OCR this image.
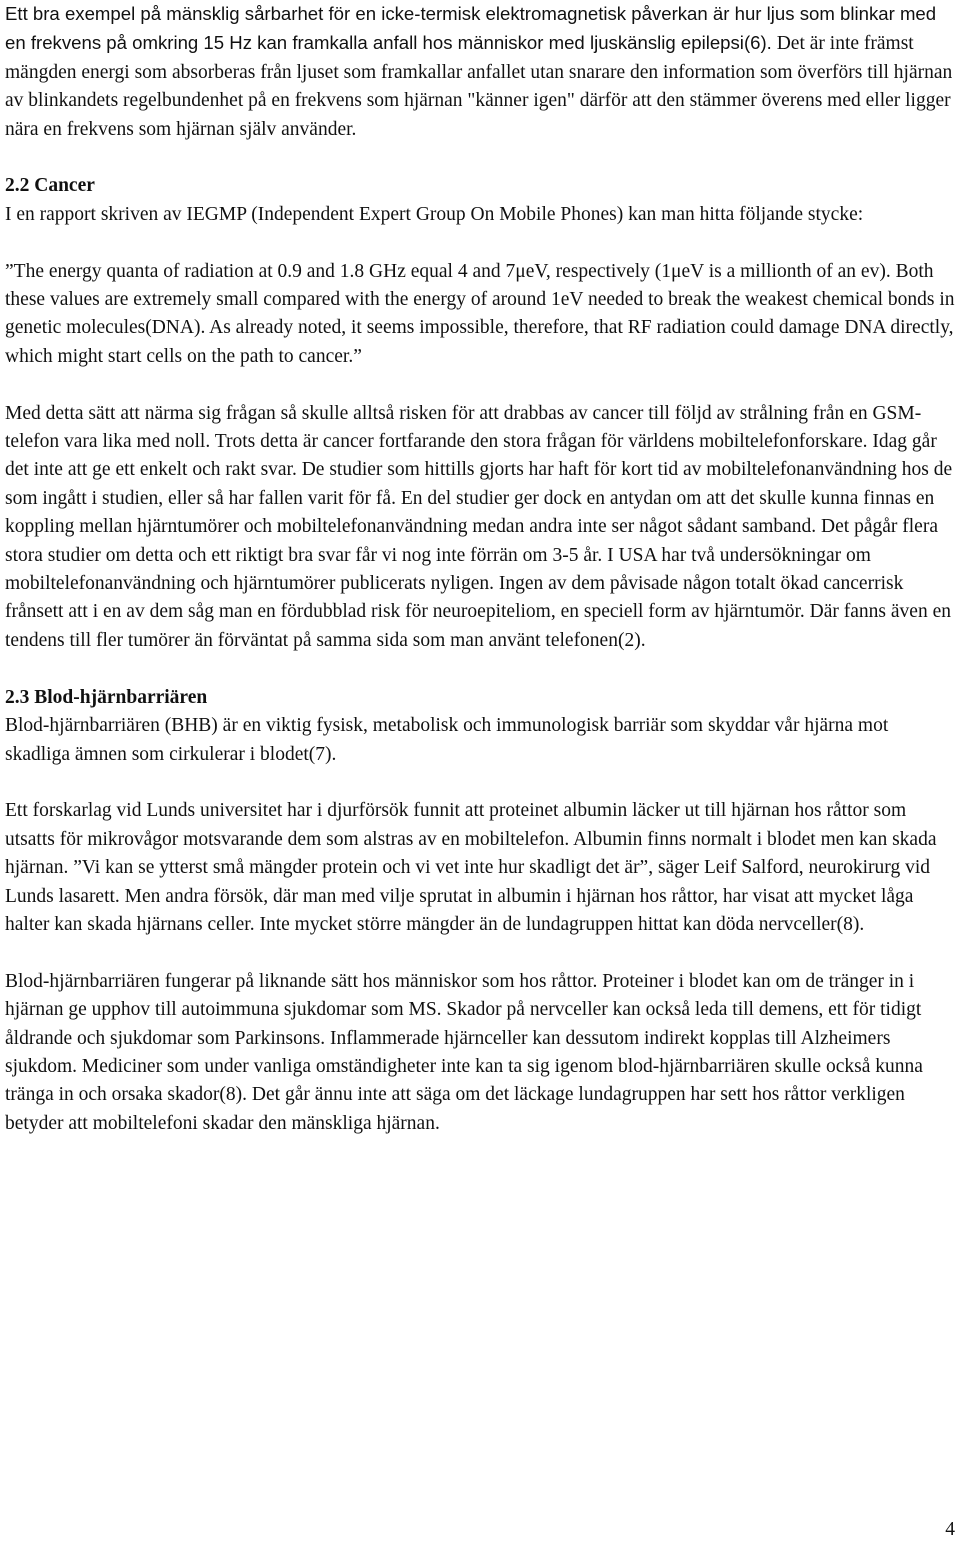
Ett bra exempel på mänsklig sårbarhet för en icke-termisk elektromagnetisk påverkan är hur ljus som blinkar med en frekvens på omkring 15 Hz kan framkalla anfall hos människor med ljuskänslig epilepsi(6). Det är inte främst mängden energi som absorberas från ljuset som framkallar anfallet utan snarare den information som överförs till hjärnan av blinkandets regelbundenhet på en frekvens som hjärnan "känner igen" därför att den stämmer överens med eller ligger nära en frekvens som hjärnan själv använder.

2.2 Cancer

I en rapport skriven av IEGMP (Independent Expert Group On Mobile Phones) kan man hitta följande stycke:

”The energy quanta of radiation at 0.9 and 1.8 GHz equal 4 and 7μeV, respectively (1μeV is a millionth of an ev). Both these values are extremely small compared with the energy of around 1eV needed to break the weakest chemical bonds in genetic molecules(DNA). As already noted, it seems impossible, therefore, that RF radiation could damage DNA directly, which might start cells on the path to cancer.”

Med detta sätt att närma sig frågan så skulle alltså risken för att drabbas av cancer till följd av strålning från en GSM-telefon vara lika med noll. Trots detta är cancer fortfarande den stora frågan för världens mobiltelefonforskare. Idag går det inte att ge ett enkelt och rakt svar. De studier som hittills gjorts har haft för kort tid av mobiltelefonanvändning hos de som ingått i studien, eller så har fallen varit för få. En del studier ger dock en antydan om att det skulle kunna finnas en koppling mellan hjärntumörer och mobiltelefonanvändning medan andra inte ser något sådant samband. Det pågår flera stora studier om detta och ett riktigt bra svar får vi nog inte förrän om 3-5 år. I USA har två undersökningar om mobiltelefonanvändning och hjärntumörer publicerats nyligen. Ingen av dem påvisade någon totalt ökad cancerrisk frånsett att i en av dem såg man en fördubblad risk för neuroepiteliom, en speciell form av hjärntumör. Där fanns även en tendens till fler tumörer än förväntat på samma sida som man använt telefonen(2).

2.3 Blod-hjärnbarriären

Blod-hjärnbarriären (BHB) är en viktig fysisk, metabolisk och immunologisk barriär som skyddar vår hjärna mot skadliga ämnen som cirkulerar i blodet(7).

Ett forskarlag vid Lunds universitet har i djurförsök funnit att proteinet albumin läcker ut till hjärnan hos råttor som utsatts för mikrovågor motsvarande dem som alstras av en mobiltelefon. Albumin finns normalt i blodet men kan skada hjärnan. ”Vi kan se ytterst små mängder protein och vi vet inte hur skadligt det är”, säger Leif Salford, neurokirurg vid Lunds lasarett. Men andra försök, där man med vilje sprutat in albumin i hjärnan hos råttor, har visat att mycket låga halter kan skada hjärnans celler. Inte mycket större mängder än de lundagruppen hittat kan döda nervceller(8).

Blod-hjärnbarriären fungerar på liknande sätt hos människor som hos råttor. Proteiner i blodet kan om de tränger in i hjärnan ge upphov till autoimmuna sjukdomar som MS. Skador på nervceller kan också leda till demens, ett för tidigt åldrande och sjukdomar som Parkinsons. Inflammerade hjärnceller kan dessutom indirekt kopplas till Alzheimers sjukdom. Mediciner som under vanliga omständigheter inte kan ta sig igenom blod-hjärnbarriären skulle också kunna tränga in och orsaka skador(8). Det går ännu inte att säga om det läckage lundagruppen har sett hos råttor verkligen betyder att mobiltelefoni skadar den mänskliga hjärnan.

4
